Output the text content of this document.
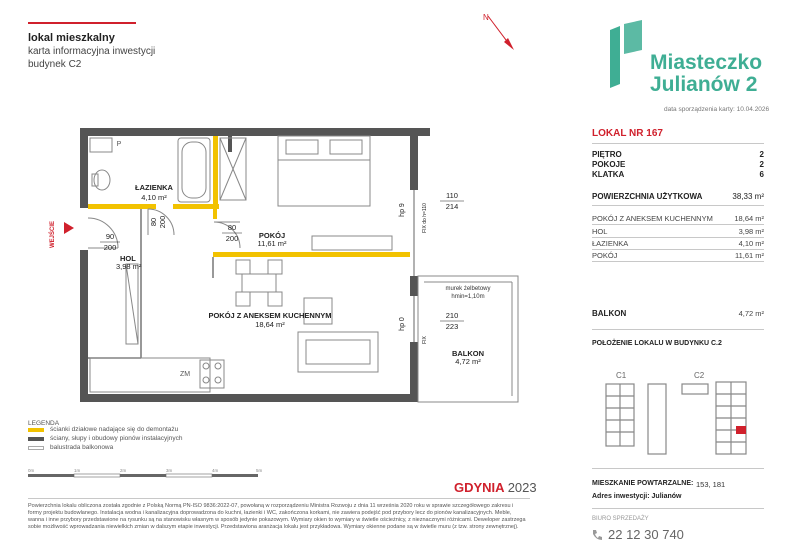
lokal mieszkalny
karta informacyjna inwestycji
budynek C2
N
Miasteczko
Julianów 2
data sporządzenia karty: 10.04.2026
LOKAL NR 167
PIĘTRO	2
POKOJE	2
KLATKA	6
POWIERZCHNIA UŻYTKOWA	38,33 m²
POKÓJ Z ANEKSEM KUCHENNYM	18,64 m²
HOL	3,98 m²
ŁAZIENKA	4,10 m²
POKÓJ	11,61 m²
BALKON	4,72 m²
POŁOŻENIE LOKALU W BUDYNKU C.2
C1	C2
MIESZKANIE POWTARZALNE: 153, 181
Adres inwestycji: Julianów
BIURO SPRZEDAŻY
22 12 30 740
WEJŚCIE
P
ZM
ŁAZIENKA
4,10 m²
HOL
3,98 m²
POKÓJ
11,61 m²
POKÓJ Z ANEKSEM KUCHENNYM
18,64 m²
BALKON
4,72 m²
murek żelbetowy
hmin=1,10m
80 200	80
200
90
200
110
214
210
223
hp 9
hp 0
FIX do h=110
FIX
LEGENDA
ścianki działowe nadające się do demontażu
ściany, słupy i obudowy pionów instalacyjnych
balustrada balkonowa
0m	1m	2m	3m	4m	5m
GDYNIA 2023
Powierzchnia lokalu obliczona została zgodnie z Polską Normą PN-ISO 9836:2022-07, powołaną w rozporządzeniu Ministra Rozwoju z dnia 11 września 2020 roku w sprawie szczegółowego zakresu i formy projektu budowlanego. Instalacja wodna i kanalizacyjna doprowadzona do kuchni, łazienki i WC, zakończona korkami, nie zawiera podejść pod przybory lecz do pionów kanalizacyjnych. Meble, wanna i inne przybory przedstawione na rysunku są na stanowisku własnym w sposób jedynie pokazowym. Wymiary okien to wymiary w świetle ościeżnicy, z nieznacznymi różnicami. Deweloper zastrzega sobie możliwość wprowadzania niewielkich zmian w dalszym etapie inwestycji. Przedstawiona aranżacja lokalu jest przykładowa. Wymiary okienne podane są w świetle muru (z tzw. strony zewnętrznej).
